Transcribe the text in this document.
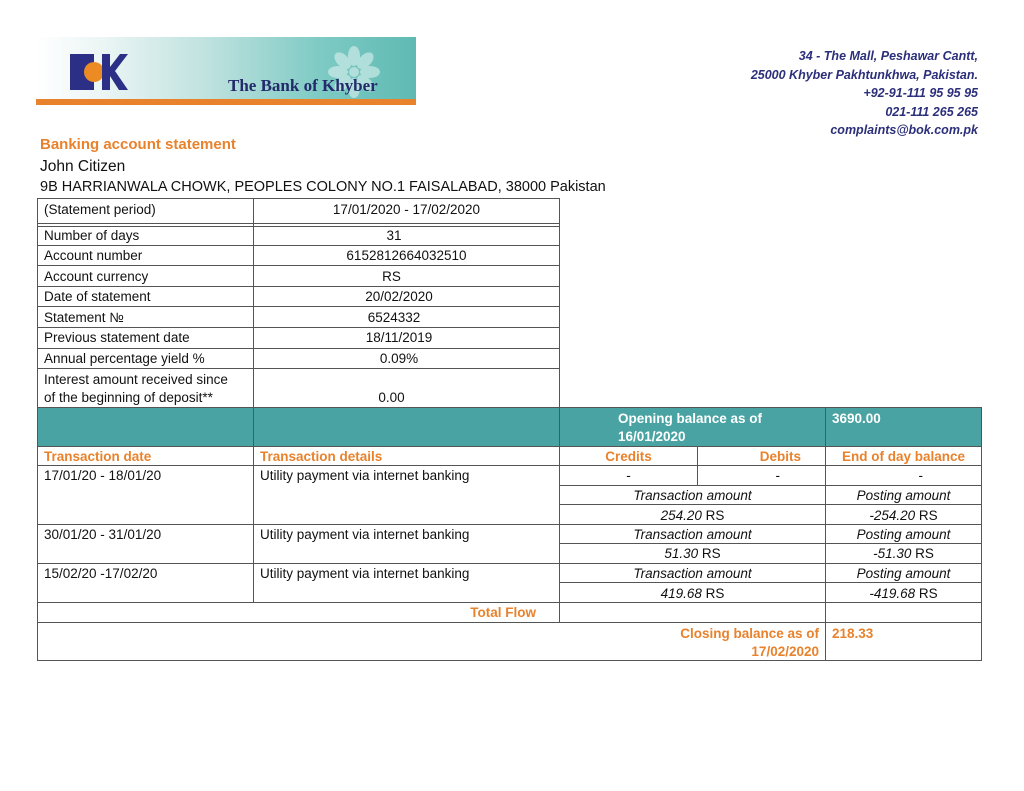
The Bank of Khyber
34 - The Mall, Peshawar Cantt,
25000 Khyber Pakhtunkhwa, Pakistan.
+92-91-111 95 95 95
021-111 265 265
complaints@bok.com.pk
Banking account statement
John Citizen
9B HARRIANWALA CHOWK, PEOPLES COLONY NO.1 FAISALABAD, 38000 Pakistan
(Statement period)	17/01/2020 - 17/02/2020
Number of days	31
Account number	6152812664032510
Account currency	RS
Date of statement	20/02/2020
Statement №	6524332
Previous statement date	18/11/2019
Annual percentage yield %	0.09%
Interest amount received since
of the beginning of deposit**	0.00
Opening balance as of
16/01/2020
3690.00
Transaction date	Transaction details	Credits	Debits	End of day balance
17/01/20 - 18/01/20	Utility payment via internet banking	-	-	-
Transaction amount	Posting amount
254.20 RS	-254.20 RS
30/01/20 - 31/01/20	Utility payment via internet banking	Transaction amount	Posting amount
51.30 RS	-51.30 RS
15/02/20 -17/02/20	Utility payment via internet banking	Transaction amount	Posting amount
419.68 RS	-419.68 RS
Total Flow
Closing balance as of
17/02/2020
218.33
